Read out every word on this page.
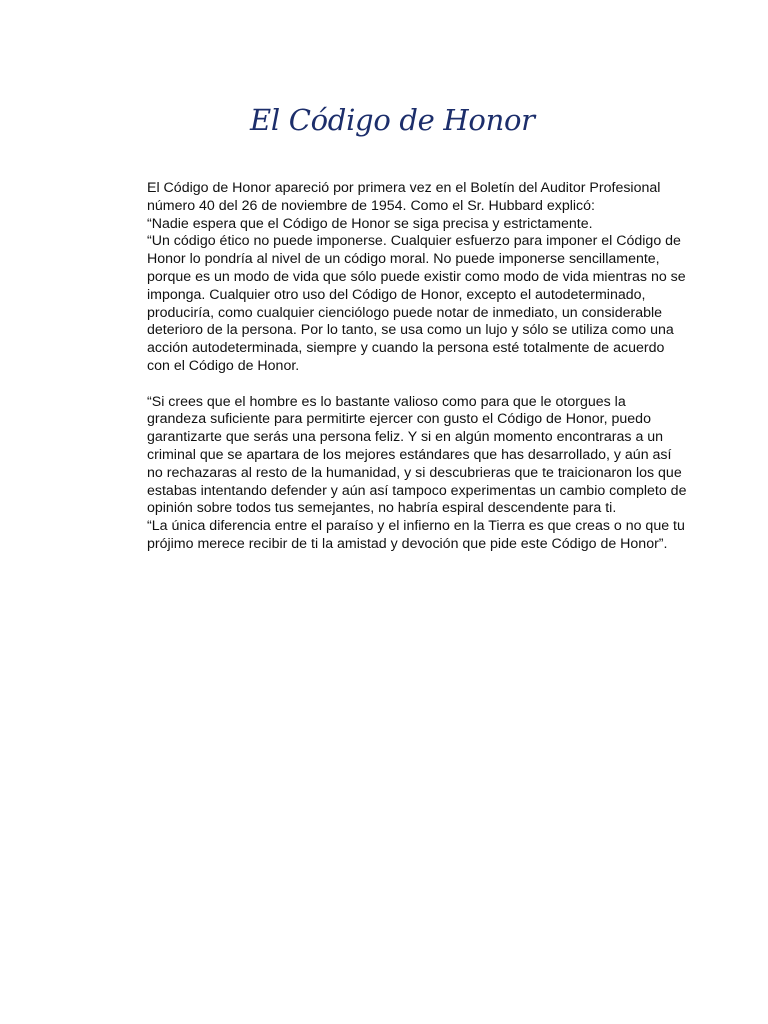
El Código de Honor

El Código de Honor apareció por primera vez en el Boletín del Auditor Profesional número 40 del 26 de noviembre de 1954. Como el Sr. Hubbard explicó:

“Nadie espera que el Código de Honor se siga precisa y estrictamente.

“Un código ético no puede imponerse. Cualquier esfuerzo para imponer el Código de Honor lo pondría al nivel de un código moral. No puede imponerse sencillamente, porque es un modo de vida que sólo puede existir como modo de vida mientras no se imponga. Cualquier otro uso del Código de Honor, excepto el autodeterminado, produciría, como cualquier cienciólogo puede notar de inmediato, un considerable deterioro de la persona. Por lo tanto, se usa como un lujo y sólo se utiliza como una acción autodeterminada, siempre y cuando la persona esté totalmente de acuerdo con el Código de Honor.

“Si crees que el hombre es lo bastante valioso como para que le otorgues la grandeza suficiente para permitirte ejercer con gusto el Código de Honor, puedo garantizarte que serás una persona feliz. Y si en algún momento encontraras a un criminal que se apartara de los mejores estándares que has desarrollado, y aún así no rechazaras al resto de la humanidad, y si descubrieras que te traicionaron los que estabas intentando defender y aún así tampoco experimentas un cambio completo de opinión sobre todos tus semejantes, no habría espiral descendente para ti.

“La única diferencia entre el paraíso y el infierno en la Tierra es que creas o no que tu prójimo merece recibir de ti la amistad y devoción que pide este Código de Honor”.
